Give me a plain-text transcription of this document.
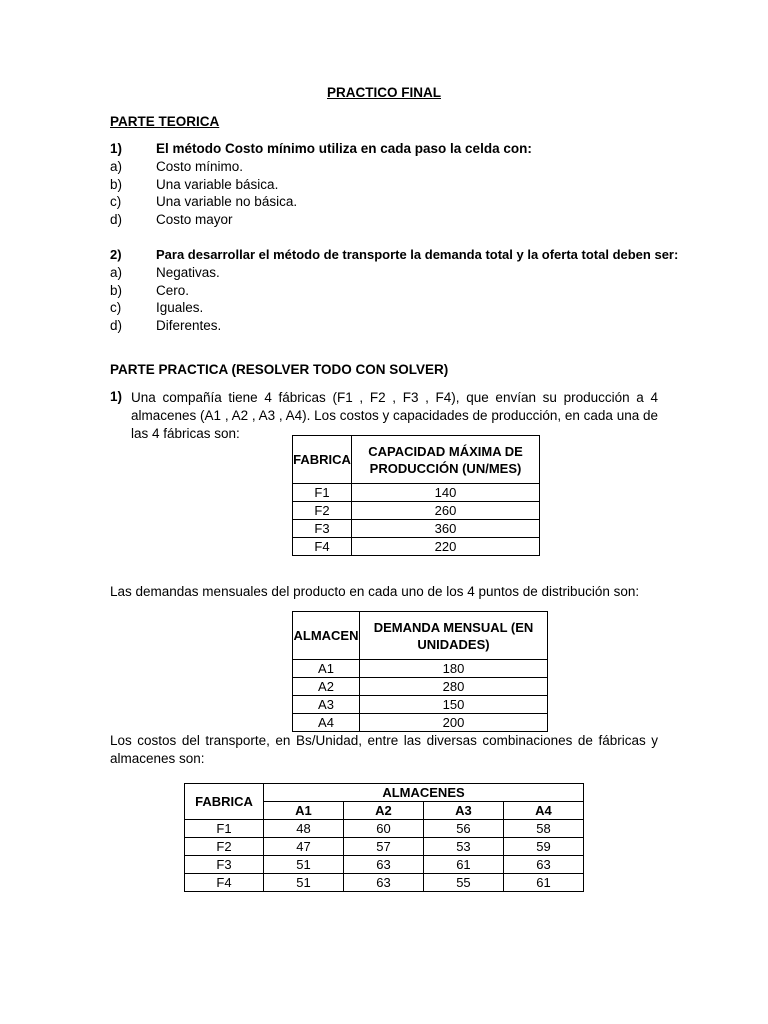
PRACTICO FINAL
PARTE TEORICA
1)	El método Costo mínimo utiliza en cada paso la celda con:
a)	Costo mínimo.
b)	Una variable básica.
c)	Una variable no básica.
d)	Costo mayor
2)	Para desarrollar el método de transporte la demanda total y la oferta total deben ser:
a)	Negativas.
b)	Cero.
c)	Iguales.
d)	Diferentes.
PARTE PRACTICA (RESOLVER TODO CON SOLVER)
1) Una compañía tiene 4 fábricas (F1 , F2 , F3 , F4), que envían su producción a 4 almacenes (A1 , A2 , A3 , A4). Los costos y capacidades de producción, en cada una de las 4 fábricas son:
FABRICA	CAPACIDAD MÁXIMA DE PRODUCCIÓN (UN/MES)
F1	140
F2	260
F3	360
F4	220
Las demandas mensuales del producto en cada uno de los 4 puntos de distribución son:
ALMACEN	DEMANDA MENSUAL (EN UNIDADES)
A1	180
A2	280
A3	150
A4	200
Los costos del transporte, en Bs/Unidad, entre las diversas combinaciones de fábricas y almacenes son:
FABRICA	ALMACENES			
	A1	A2	A3	A4
F1	48	60	56	58
F2	47	57	53	59
F3	51	63	61	63
F4	51	63	55	61
